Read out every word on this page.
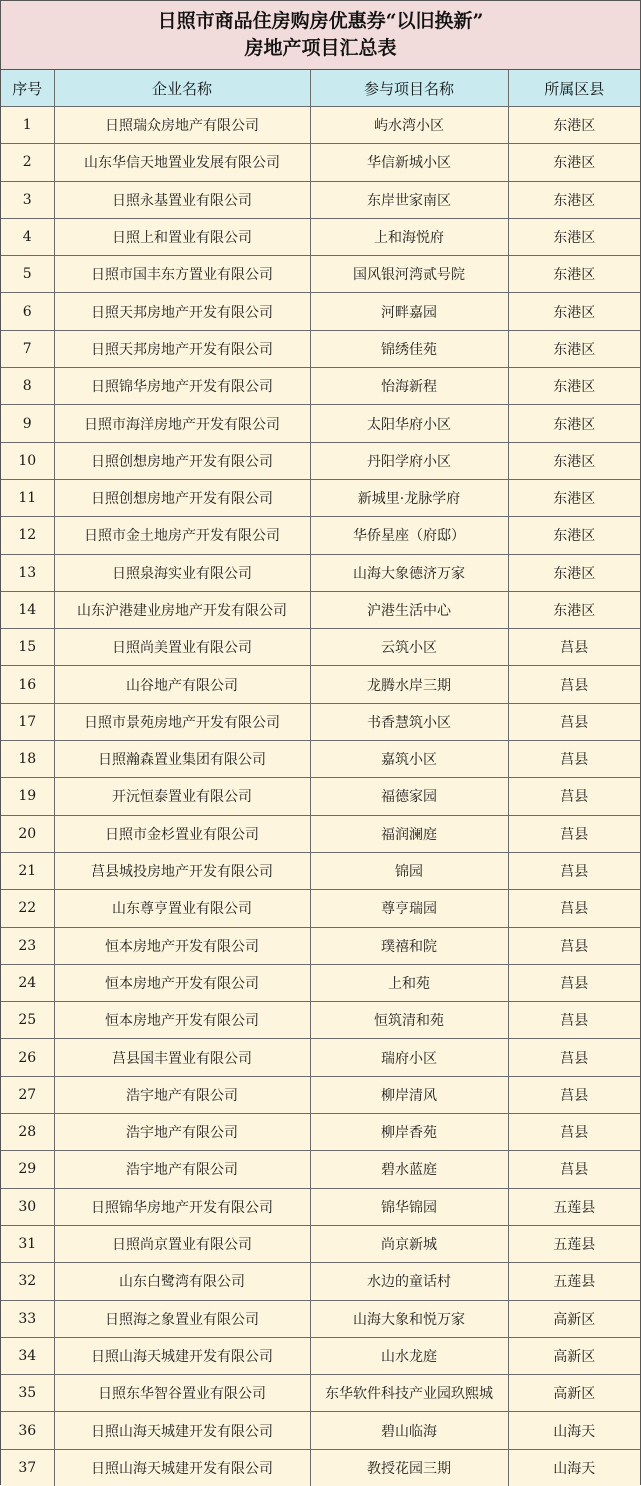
日照市商品住房购房优惠券“以旧换新”
房地产项目汇总表
序号	企业名称	参与项目名称	所属区县
1	日照瑞众房地产有限公司	屿水湾小区	东港区
2	山东华信天地置业发展有限公司	华信新城小区	东港区
3	日照永基置业有限公司	东岸世家南区	东港区
4	日照上和置业有限公司	上和海悦府	东港区
5	日照市国丰东方置业有限公司	国风银河湾贰号院	东港区
6	日照天邦房地产开发有限公司	河畔嘉园	东港区
7	日照天邦房地产开发有限公司	锦绣佳苑	东港区
8	日照锦华房地产开发有限公司	怡海新程	东港区
9	日照市海洋房地产开发有限公司	太阳华府小区	东港区
10	日照创想房地产开发有限公司	丹阳学府小区	东港区
11	日照创想房地产开发有限公司	新城里·龙脉学府	东港区
12	日照市金土地房产开发有限公司	华侨星座（府邸）	东港区
13	日照泉海实业有限公司	山海大象德济万家	东港区
14	山东沪港建业房地产开发有限公司	沪港生活中心	东港区
15	日照尚美置业有限公司	云筑小区	莒县
16	山谷地产有限公司	龙腾水岸三期	莒县
17	日照市景苑房地产开发有限公司	书香慧筑小区	莒县
18	日照瀚森置业集团有限公司	嘉筑小区	莒县
19	开沅恒泰置业有限公司	福德家园	莒县
20	日照市金杉置业有限公司	福润澜庭	莒县
21	莒县城投房地产开发有限公司	锦园	莒县
22	山东尊亨置业有限公司	尊亨瑞园	莒县
23	恒本房地产开发有限公司	璞禧和院	莒县
24	恒本房地产开发有限公司	上和苑	莒县
25	恒本房地产开发有限公司	恒筑清和苑	莒县
26	莒县国丰置业有限公司	瑞府小区	莒县
27	浩宇地产有限公司	柳岸清风	莒县
28	浩宇地产有限公司	柳岸香苑	莒县
29	浩宇地产有限公司	碧水蓝庭	莒县
30	日照锦华房地产开发有限公司	锦华锦园	五莲县
31	日照尚京置业有限公司	尚京新城	五莲县
32	山东白鹭湾有限公司	水边的童话村	五莲县
33	日照海之象置业有限公司	山海大象和悦万家	高新区
34	日照山海天城建开发有限公司	山水龙庭	高新区
35	日照东华智谷置业有限公司	东华软件科技产业园玖熙城	高新区
36	日照山海天城建开发有限公司	碧山临海	山海天
37	日照山海天城建开发有限公司	教授花园三期	山海天
